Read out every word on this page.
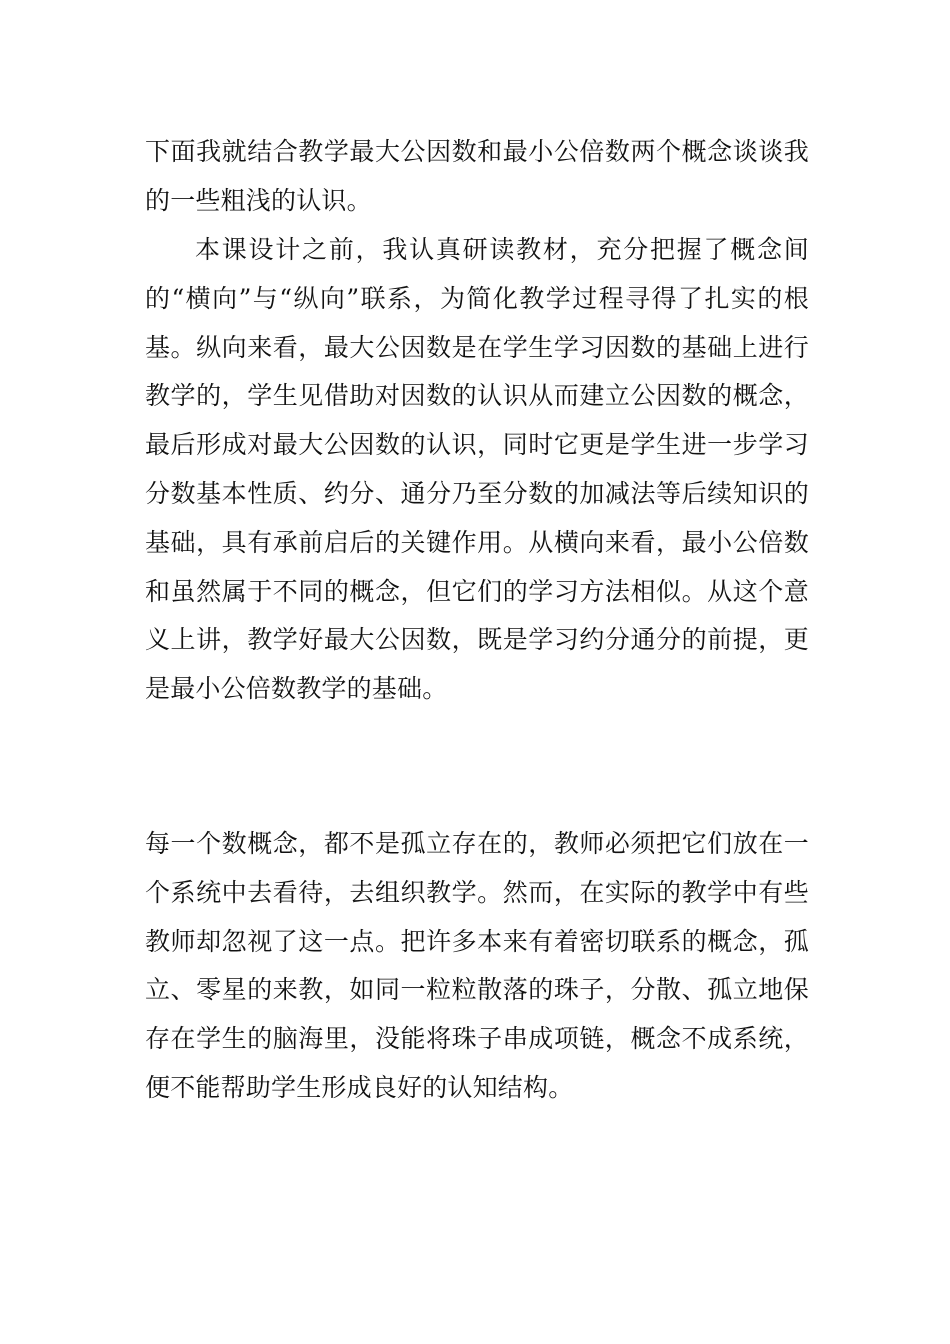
下面我就结合教学最大公因数和最小公倍数两个概念谈谈我的一些粗浅的认识。

本课设计之前，我认真研读教材，充分把握了概念间的“横向”与“纵向”联系，为简化教学过程寻得了扎实的根基。纵向来看，最大公因数是在学生学习因数的基础上进行教学的，学生见借助对因数的认识从而建立公因数的概念，最后形成对最大公因数的认识，同时它更是学生进一步学习分数基本性质、约分、通分乃至分数的加减法等后续知识的基础，具有承前启后的关键作用。从横向来看，最小公倍数和虽然属于不同的概念，但它们的学习方法相似。从这个意义上讲，教学好最大公因数，既是学习约分通分的前提，更是最小公倍数教学的基础。

每一个数概念，都不是孤立存在的，教师必须把它们放在一个系统中去看待，去组织教学。然而，在实际的教学中有些教师却忽视了这一点。把许多本来有着密切联系的概念，孤立、零星的来教，如同一粒粒散落的珠子，分散、孤立地保存在学生的脑海里，没能将珠子串成项链，概念不成系统，便不能帮助学生形成良好的认知结构。
